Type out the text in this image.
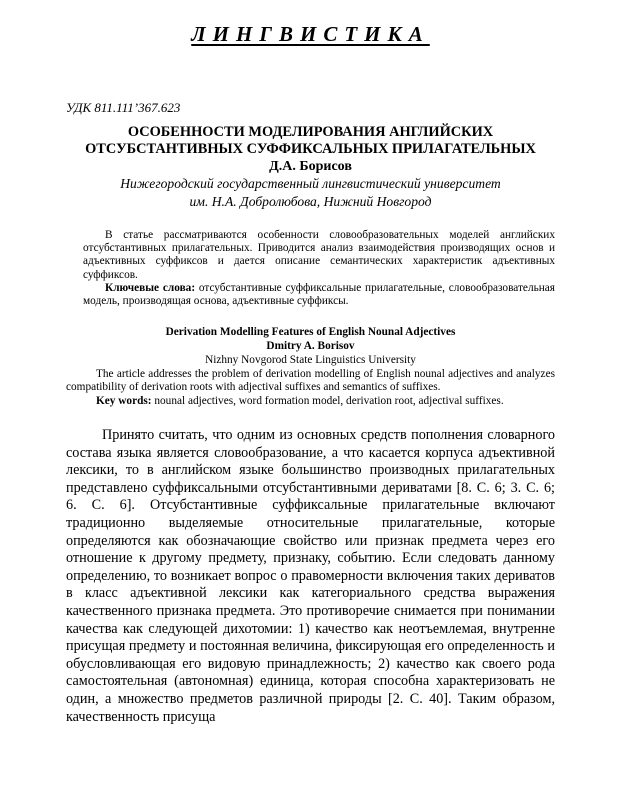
ЛИНГВИСТИКА
УДК 811.111’367.623
ОСОБЕННОСТИ МОДЕЛИРОВАНИЯ АНГЛИЙСКИХ
ОТСУБСТАНТИВНЫХ СУФФИКСАЛЬНЫХ ПРИЛАГАТЕЛЬНЫХ
Д.А. Борисов
Нижегородский государственный лингвистический университет
им. Н.А. Добролюбова, Нижний Новгород

В статье рассматриваются особенности словообразовательных моделей английских отсубстантивных прилагательных. Приводится анализ взаимодействия производящих основ и адъективных суффиксов и дается описание семантических характеристик адъективных суффиксов.

Ключевые слова: отсубстантивные суффиксальные прилагательные, словообразовательная модель, производящая основа, адъективные суффиксы.

Derivation Modelling Features of English Nounal Adjectives
Dmitry A. Borisov
Nizhny Novgorod State Linguistics University

The article addresses the problem of derivation modelling of English nounal adjectives and analyzes compatibility of derivation roots with adjectival suffixes and semantics of suffixes.

Key words: nounal adjectives, word formation model, derivation root, adjectival suffixes.

Принято считать, что одним из основных средств пополнения словарного состава языка является словообразование, а что касается корпуса адъективной лексики, то в английском языке большинство производных прилагательных представлено суффиксальными отсубстантивными дериватами [8. С. 6; 3. С. 6; 6. С. 6]. Отсубстантивные суффиксальные прилагательные включают традиционно выделяемые относительные прилагательные, которые определяются как обозначающие свойство или признак предмета через его отношение к другому предмету, признаку, событию. Если следовать данному определению, то возникает вопрос о правомерности включения таких дериватов в класс адъективной лексики как категориального средства выражения качественного признака предмета. Это противоречие снимается при понимании качества как следующей дихотомии: 1) качество как неотъемлемая, внутренне присущая предмету и постоянная величина, фиксирующая его определенность и обусловливающая его видовую принадлежность; 2) качество как своего рода самостоятельная (автономная) единица, которая способна характеризовать не один, а множество предметов различной природы [2. С. 40]. Таким образом, качественность присуща
